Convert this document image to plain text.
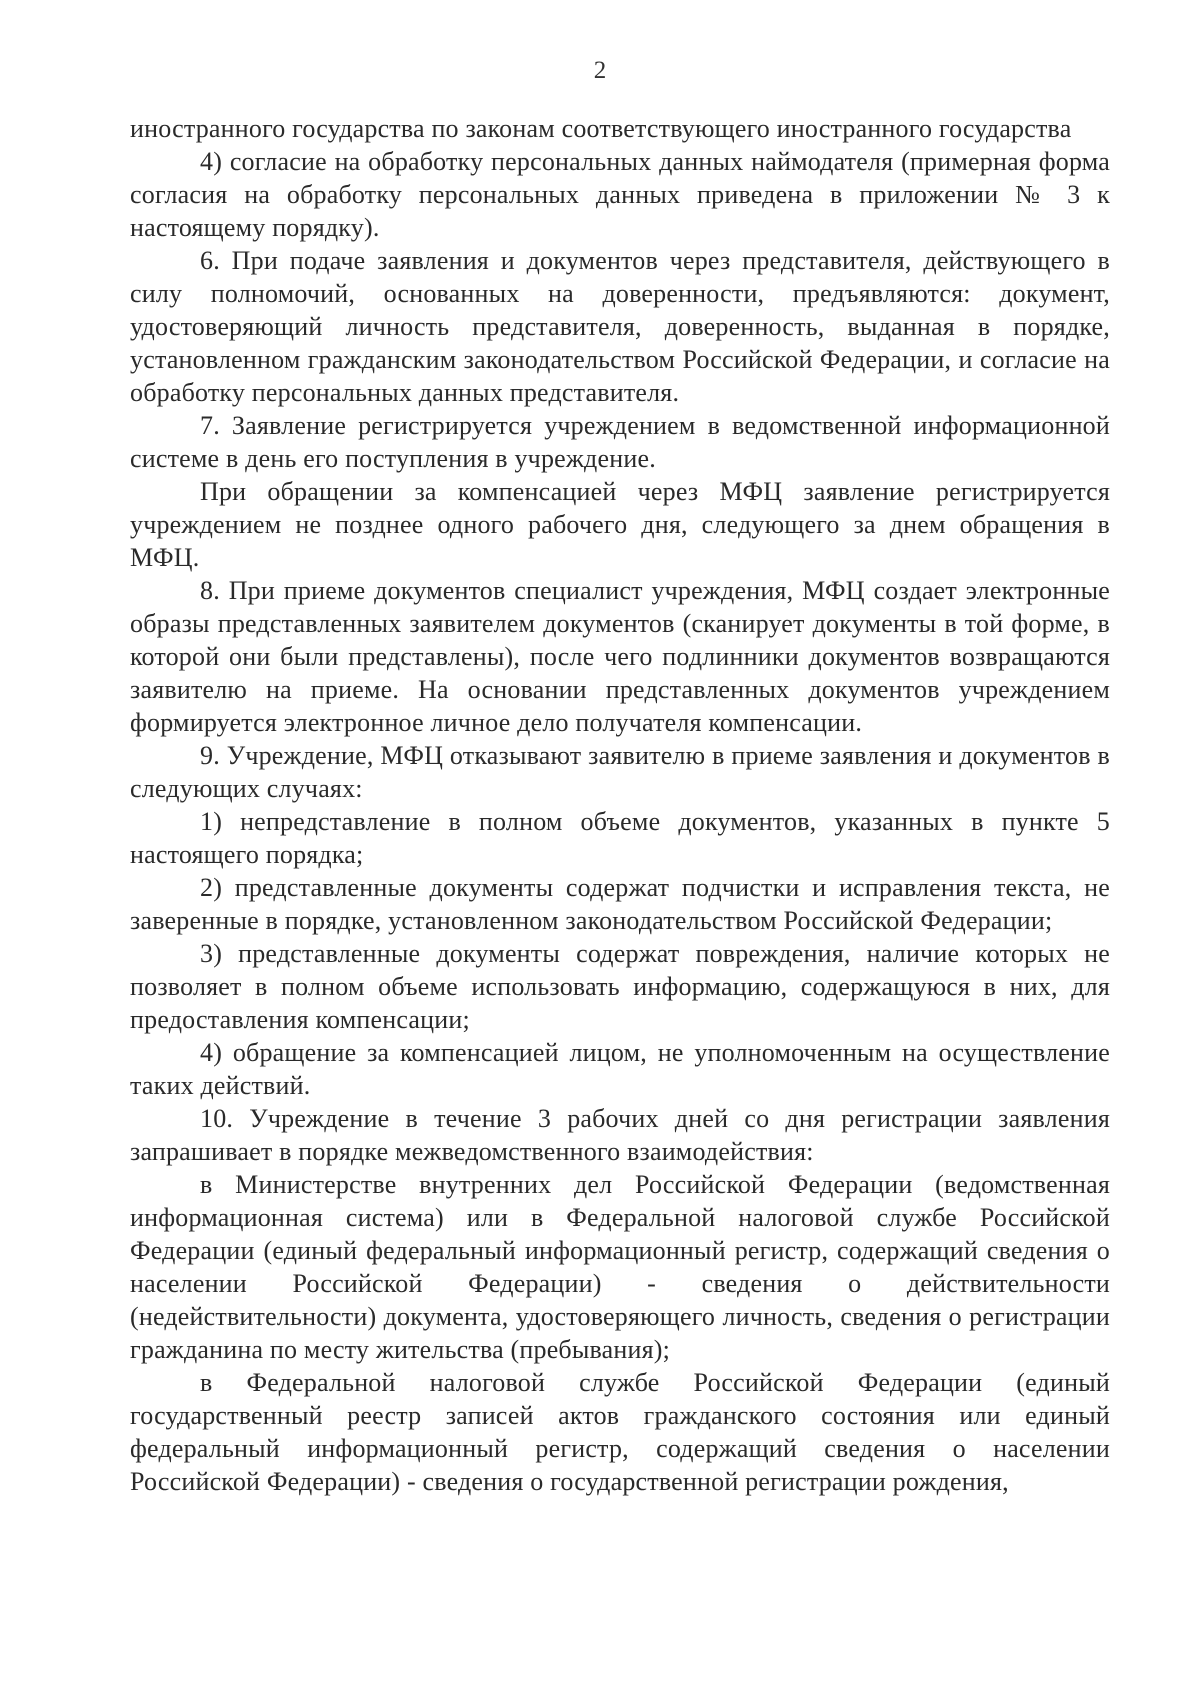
2

иностранного государства по законам соответствующего иностранного государства

4) согласие на обработку персональных данных наймодателя (примерная форма согласия на обработку персональных данных приведена в приложении № 3 к настоящему порядку).

6. При подаче заявления и документов через представителя, действующего в силу полномочий, основанных на доверенности, предъявляются: документ, удостоверяющий личность представителя, доверенность, выданная в порядке, установленном гражданским законодательством Российской Федерации, и согласие на обработку персональных данных представителя.

7. Заявление регистрируется учреждением в ведомственной информационной системе в день его поступления в учреждение.

При обращении за компенсацией через МФЦ заявление регистрируется учреждением не позднее одного рабочего дня, следующего за днем обращения в МФЦ.

8. При приеме документов специалист учреждения, МФЦ создает электронные образы представленных заявителем документов (сканирует документы в той форме, в которой они были представлены), после чего подлинники документов возвращаются заявителю на приеме. На основании представленных документов учреждением формируется электронное личное дело получателя компенсации.

9. Учреждение, МФЦ отказывают заявителю в приеме заявления и документов в следующих случаях:

1) непредставление в полном объеме документов, указанных в пункте 5 настоящего порядка;

2) представленные документы содержат подчистки и исправления текста, не заверенные в порядке, установленном законодательством Российской Федерации;

3) представленные документы содержат повреждения, наличие которых не позволяет в полном объеме использовать информацию, содержащуюся в них, для предоставления компенсации;

4) обращение за компенсацией лицом, не уполномоченным на осуществление таких действий.

10. Учреждение в течение 3 рабочих дней со дня регистрации заявления запрашивает в порядке межведомственного взаимодействия:

в Министерстве внутренних дел Российской Федерации (ведомственная информационная система) или в Федеральной налоговой службе Российской Федерации (единый федеральный информационный регистр, содержащий сведения о населении Российской Федерации) - сведения о действительности (недействительности) документа, удостоверяющего личность, сведения о регистрации гражданина по месту жительства (пребывания);

в Федеральной налоговой службе Российской Федерации (единый государственный реестр записей актов гражданского состояния или единый федеральный информационный регистр, содержащий сведения о населении Российской Федерации) - сведения о государственной регистрации рождения,
